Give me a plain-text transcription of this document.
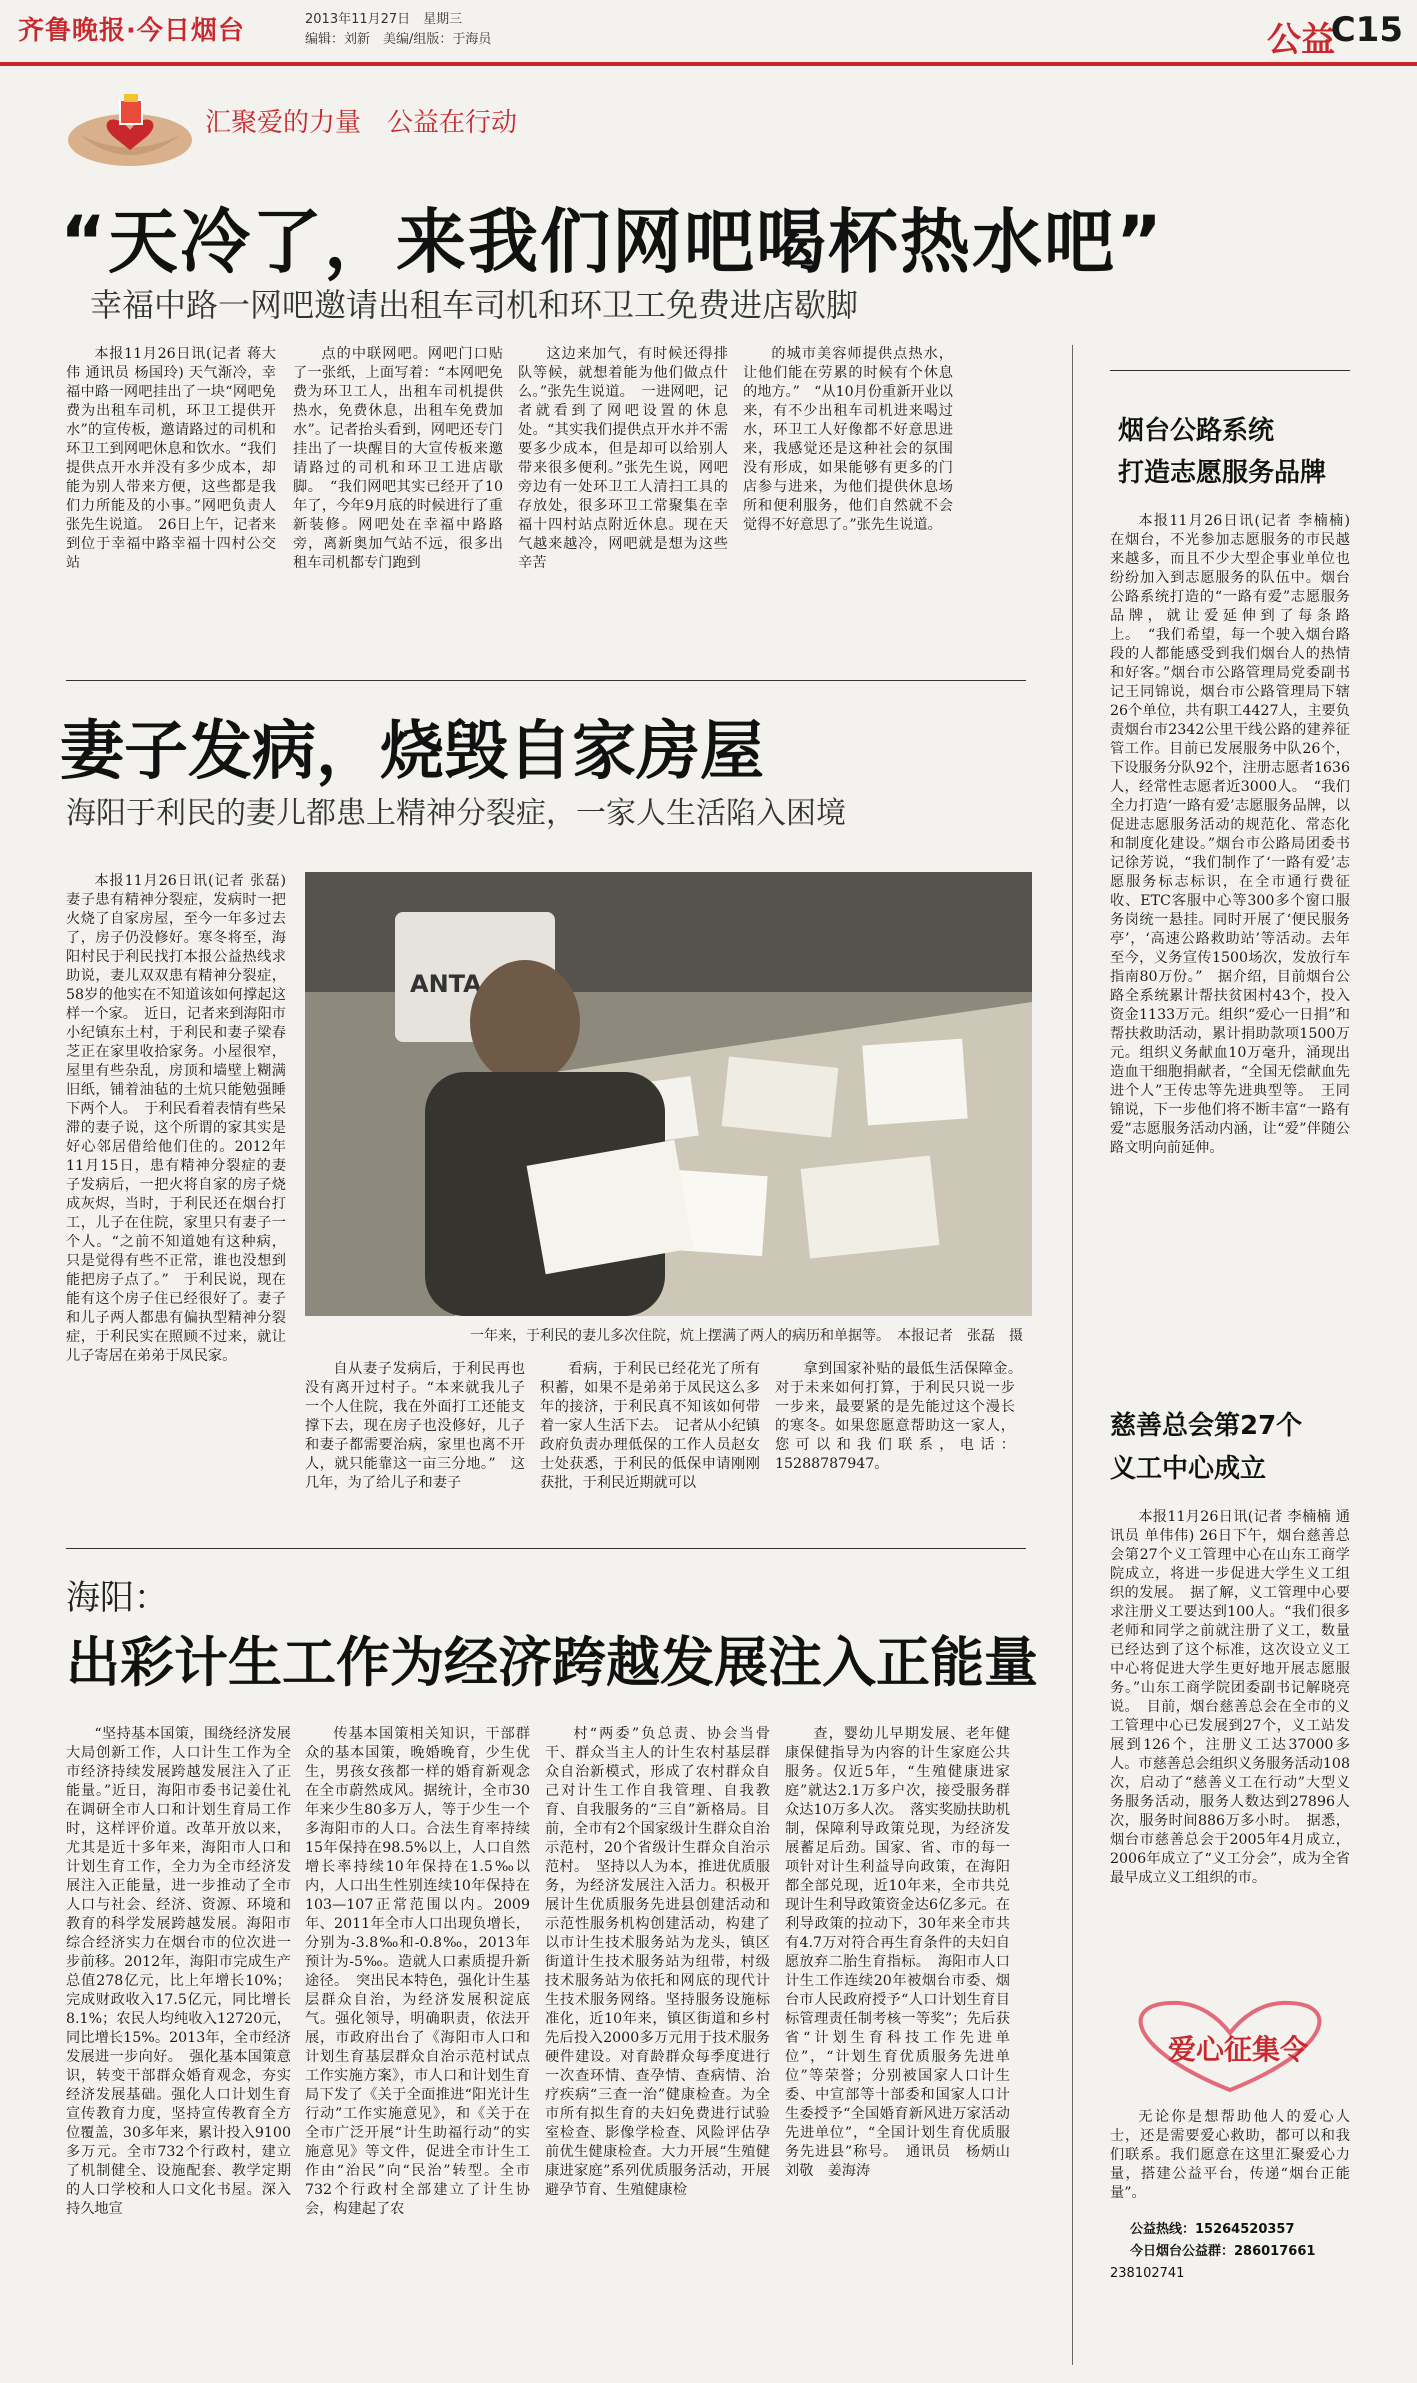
齐鲁晚报·今日烟台	2013年11月27日　星期三
编辑：刘新　美编/组版：于海员	公益
C15
汇聚爱的力量　公益在行动
“天冷了，来我们网吧喝杯热水吧”
幸福中路一网吧邀请出租车司机和环卫工免费进店歇脚

本报11月26日讯(记者 蒋大伟 通讯员 杨国玲) 天气渐冷，幸福中路一网吧挂出了一块“网吧免费为出租车司机，环卫工提供开水”的宣传板，邀请路过的司机和环卫工到网吧休息和饮水。“我们提供点开水并没有多少成本，却能为别人带来方便，这些都是我们力所能及的小事。”网吧负责人张先生说道。　26日上午，记者来到位于幸福中路幸福十四村公交站

点的中联网吧。网吧门口贴了一张纸，上面写着：“本网吧免费为环卫工人，出租车司机提供热水，免费休息，出租车免费加水”。记者抬头看到，网吧还专门挂出了一块醒目的大宣传板来邀请路过的司机和环卫工进店歇脚。　“我们网吧其实已经开了10年了，今年9月底的时候进行了重新装修。网吧处在幸福中路路旁，离新奥加气站不远，很多出租车司机都专门跑到

这边来加气，有时候还得排队等候，就想着能为他们做点什么。”张先生说道。　一进网吧，记者就看到了网吧设置的休息处。“其实我们提供点开水并不需要多少成本，但是却可以给别人带来很多便利。”张先生说，网吧旁边有一处环卫工人清扫工具的存放处，很多环卫工常聚集在幸福十四村站点附近休息。现在天气越来越冷，网吧就是想为这些辛苦

的城市美容师提供点热水，让他们能在劳累的时候有个休息的地方。”　“从10月份重新开业以来，有不少出租车司机进来喝过水，环卫工人好像都不好意思进来，我感觉还是这种社会的氛围没有形成，如果能够有更多的门店参与进来，为他们提供休息场所和便利服务，他们自然就不会觉得不好意思了。”张先生说道。

妻子发病，烧毁自家房屋
海阳于利民的妻儿都患上精神分裂症，一家人生活陷入困境

本报11月26日讯(记者 张磊) 妻子患有精神分裂症，发病时一把火烧了自家房屋，至今一年多过去了，房子仍没修好。寒冬将至，海阳村民于利民找打本报公益热线求助说，妻儿双双患有精神分裂症，58岁的他实在不知道该如何撑起这样一个家。　近日，记者来到海阳市小纪镇东土村，于利民和妻子梁春芝正在家里收拾家务。小屋很窄，屋里有些杂乱，房顶和墙壁上糊满旧纸，铺着油毡的土炕只能勉强睡下两个人。　于利民看着表情有些呆滞的妻子说，这个所谓的家其实是好心邻居借给他们住的。2012年11月15日，患有精神分裂症的妻子发病后，一把火将自家的房子烧成灰烬，当时，于利民还在烟台打工，儿子在住院，家里只有妻子一个人。“之前不知道她有这种病，只是觉得有些不正常，谁也没想到能把房子点了。”　于利民说，现在能有这个房子住已经很好了。妻子和儿子两人都患有偏执型精神分裂症，于利民实在照顾不过来，就让儿子寄居在弟弟于凤民家。

ANTA
一年来，于利民的妻儿多次住院，炕上摆满了两人的病历和单据等。　本报记者　张磊　摄

自从妻子发病后，于利民再也没有离开过村子。“本来就我儿子一个人住院，我在外面打工还能支撑下去，现在房子也没修好，儿子和妻子都需要治病，家里也离不开人，就只能靠这一亩三分地。”　这几年，为了给儿子和妻子

看病，于利民已经花光了所有积蓄，如果不是弟弟于凤民这么多年的接济，于利民真不知该如何带着一家人生活下去。　记者从小纪镇政府负责办理低保的工作人员赵女士处获悉，于利民的低保申请刚刚获批，于利民近期就可以

拿到国家补贴的最低生活保障金。　对于未来如何打算，于利民只说一步一步来，最要紧的是先能过这个漫长的寒冬。如果您愿意帮助这一家人，您可以和我们联系，电话：15288787947。

海阳：
出彩计生工作为经济跨越发展注入正能量

“坚持基本国策，围绕经济发展大局创新工作，人口计生工作为全市经济持续发展跨越发展注入了正能量。”近日，海阳市委书记姜仕礼在调研全市人口和计划生育局工作时，这样评价道。改革开放以来，尤其是近十多年来，海阳市人口和计划生育工作，全力为全市经济发展注入正能量，进一步推动了全市人口与社会、经济、资源、环境和教育的科学发展跨越发展。海阳市综合经济实力在烟台市的位次进一步前移。2012年，海阳市完成生产总值278亿元，比上年增长10%；完成财政收入17.5亿元，同比增长8.1%；农民人均纯收入12720元，同比增长15%。2013年，全市经济发展进一步向好。　强化基本国策意识，转变干部群众婚育观念，夯实经济发展基础。强化人口计划生育宣传教育力度，坚持宣传教育全方位覆盖，30多年来，累计投入9100多万元。全市732个行政村，建立了机制健全、设施配套、教学定期的人口学校和人口文化书屋。深入持久地宣

传基本国策相关知识，干部群众的基本国策，晚婚晚育，少生优生，男孩女孩都一样的婚育新观念在全市蔚然成风。据统计，全市30年来少生80多万人，等于少生一个多海阳市的人口。合法生育率持续15年保持在98.5%以上，人口自然增长率持续10年保持在1.5‰以内，人口出生性别连续10年保持在103—107正常范围以内。2009年、2011年全市人口出现负增长，分别为-3.8‰和-0.8‰，2013年预计为-5‰。造就人口素质提升新途径。　突出民本特色，强化计生基层群众自治，为经济发展积淀底气。强化领导，明确职责，依法开展，市政府出台了《海阳市人口和计划生育基层群众自治示范村试点工作实施方案》，市人口和计划生育局下发了《关于全面推进“阳光计生行动”工作实施意见》，和《关于在全市广泛开展“计生助福行动”的实施意见》等文件，促进全市计生工作由“治民”向“民治”转型。全市732个行政村全部建立了计生协会，构建起了农

村“两委”负总责、协会当骨干、群众当主人的计生农村基层群众自治新模式，形成了农村群众自己对计生工作自我管理、自我教育、自我服务的“三自”新格局。目前，全市有2个国家级计生群众自治示范村，20个省级计生群众自治示范村。　坚持以人为本，推进优质服务，为经济发展注入活力。积极开展计生优质服务先进县创建活动和示范性服务机构创建活动，构建了以市计生技术服务站为龙头，镇区街道计生技术服务站为纽带，村级技术服务站为依托和网底的现代计生技术服务网络。坚持服务设施标准化，近10年来，镇区街道和乡村先后投入2000多万元用于技术服务硬件建设。对育龄群众每季度进行一次查环情、查孕情、查病情、治疗疾病“三查一治”健康检查。为全市所有拟生育的夫妇免费进行试验室检查、影像学检查、风险评估孕前优生健康检查。大力开展“生殖健康进家庭”系列优质服务活动，开展避孕节育、生殖健康检

查，婴幼儿早期发展、老年健康保健指导为内容的计生家庭公共服务。仅近5年，“生殖健康进家庭”就达2.1万多户次，接受服务群众达10万多人次。　落实奖励扶助机制，保障利导政策兑现，为经济发展蓄足后劲。国家、省、市的每一项针对计生利益导向政策，在海阳都全部兑现，近10年来，全市共兑现计生利导政策资金达6亿多元。在利导政策的拉动下，30年来全市共有4.7万对符合再生育条件的夫妇自愿放弃二胎生育指标。　海阳市人口计生工作连续20年被烟台市委、烟台市人民政府授予“人口计划生育目标管理责任制考核一等奖”；先后获省“计划生育科技工作先进单位”，“计划生育优质服务先进单位”等荣誉；分别被国家人口计生委、中宣部等十部委和国家人口计生委授予“全国婚育新风进万家活动先进单位”，“全国计划生育优质服务先进县”称号。　通讯员　杨炳山　刘敬　姜海涛

烟台公路系统
打造志愿服务品牌

本报11月26日讯(记者 李楠楠) 在烟台，不光参加志愿服务的市民越来越多，而且不少大型企事业单位也纷纷加入到志愿服务的队伍中。烟台公路系统打造的“一路有爱”志愿服务品牌，就让爱延伸到了每条路上。　“我们希望，每一个驶入烟台路段的人都能感受到我们烟台人的热情和好客。”烟台市公路管理局党委副书记王同锦说，烟台市公路管理局下辖26个单位，共有职工4427人，主要负责烟台市2342公里干线公路的建养征管工作。目前已发展服务中队26个，下设服务分队92个，注册志愿者1636人，经常性志愿者近3000人。　“我们全力打造‘一路有爱’志愿服务品牌，以促进志愿服务活动的规范化、常态化和制度化建设。”烟台市公路局团委书记徐芳说，“我们制作了‘一路有爱’志愿服务标志标识，在全市通行费征收、ETC客服中心等300多个窗口服务岗统一悬挂。同时开展了‘便民服务亭’，‘高速公路救助站’等活动。去年至今，义务宣传1500场次，发放行车指南80万份。”　据介绍，目前烟台公路全系统累计帮扶贫困村43个，投入资金1133万元。组织“爱心一日捐”和帮扶救助活动，累计捐助款项1500万元。组织义务献血10万毫升，涌现出造血干细胞捐献者，“全国无偿献血先进个人”王传忠等先进典型等。　王同锦说，下一步他们将不断丰富“一路有爱”志愿服务活动内涵，让“爱”伴随公路文明向前延伸。

慈善总会第27个
义工中心成立

本报11月26日讯(记者 李楠楠 通讯员 单伟伟) 26日下午，烟台慈善总会第27个义工管理中心在山东工商学院成立，将进一步促进大学生义工组织的发展。　据了解，义工管理中心要求注册义工要达到100人。“我们很多老师和同学之前就注册了义工，数量已经达到了这个标准，这次设立义工中心将促进大学生更好地开展志愿服务。”山东工商学院团委副书记解晓亮说。　目前，烟台慈善总会在全市的义工管理中心已发展到27个，义工站发展到126个，注册义工达37000多人。市慈善总会组织义务服务活动108次，启动了“慈善义工在行动”大型义务服务活动，服务人数达到27896人次，服务时间886万多小时。　据悉，烟台市慈善总会于2005年4月成立，2006年成立了“义工分会”，成为全省最早成立义工组织的市。

爱心征集令

无论你是想帮助他人的爱心人士，还是需要爱心救助，都可以和我们联系。我们愿意在这里汇聚爱心力量，搭建公益平台，传递“烟台正能量”。

公益热线：15264520357
今日烟台公益群：286017661
238102741
